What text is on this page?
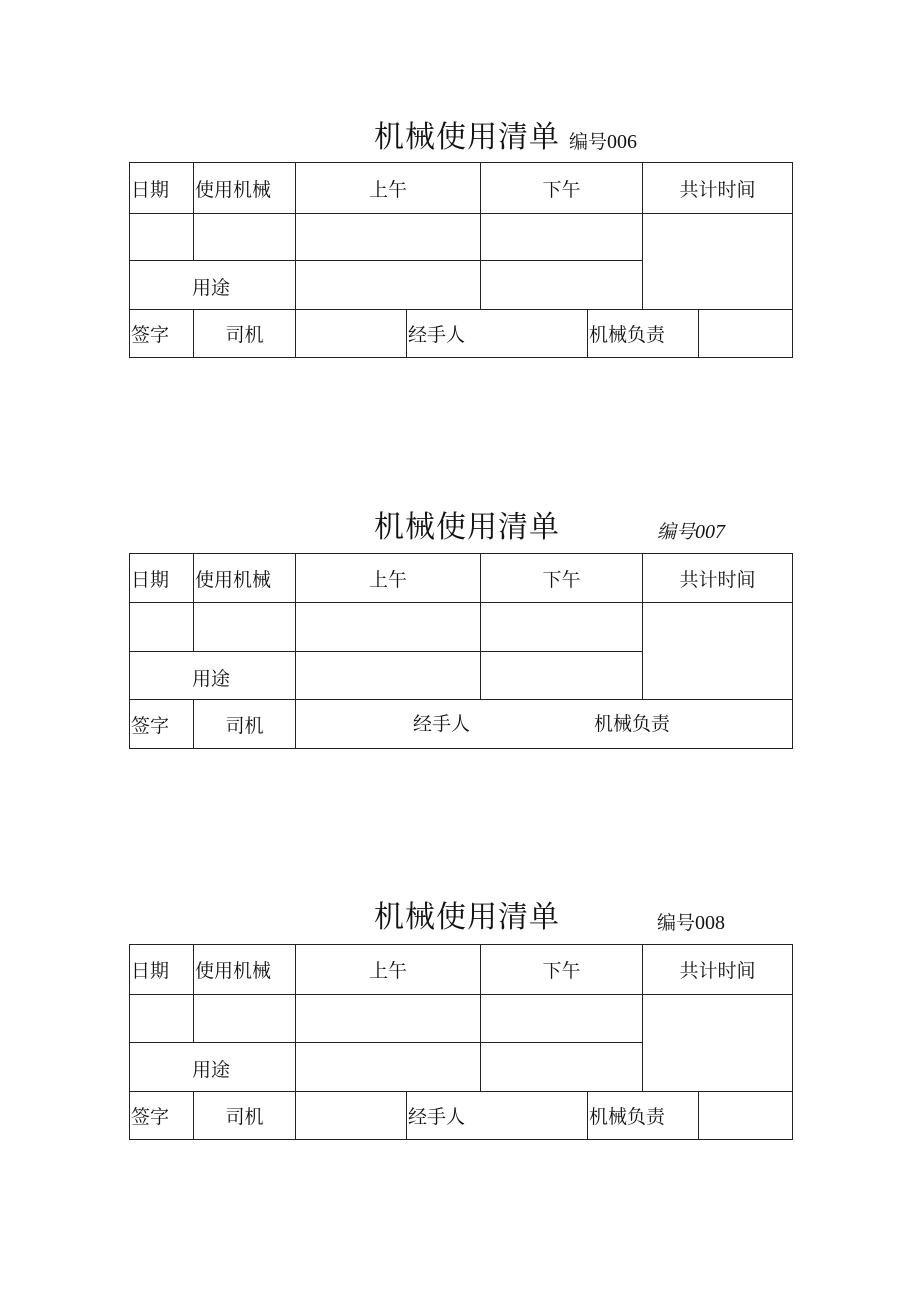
机械使用清单 编号006
日期	使用机械	上午	下午	共计时间
用途
签字	司机	经手人	机械负责
机械使用清单	编号007
日期	使用机械	上午	下午	共计时间
用途
签字	司机	经手人	机械负责
机械使用清单	编号008
日期	使用机械	上午	下午	共计时间
用途
签字	司机	经手人	机械负责
